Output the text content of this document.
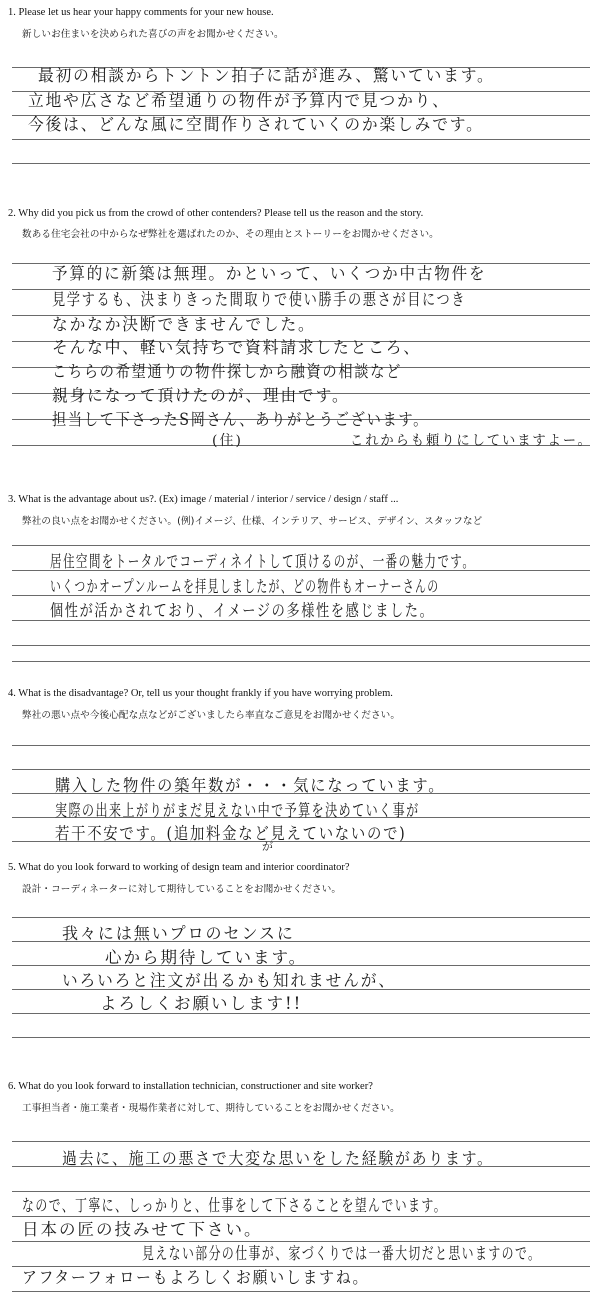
1. Please let us hear your happy comments for your new house.
新しいお住まいを決められた喜びの声をお聞かせください。
最初の相談からトントン拍子に話が進み、驚いています。
立地や広さなど希望通りの物件が予算内で見つかり、
今後は、どんな風に空間作りされていくのか楽しみです。
2. Why did you pick us from the crowd of other contenders? Please tell us the reason and the story.
数ある住宅会社の中からなぜ弊社を選ばれたのか、その理由とストーリーをお聞かせください。
予算的に新築は無理。かといって、いくつか中古物件を
見学するも、決まりきった間取りで使い勝手の悪さが目につき
なかなか決断できませんでした。
そんな中、軽い気持ちで資料請求したところ、
こちらの希望通りの物件探しから融資の相談など
親身になって頂けたのが、理由です。
担当して下さったS岡さん、ありがとうございます。
(住)	これからも頼りにしていますよー。
3. What is the advantage about us?. (Ex) image / material / interior / service / design / staff ...
弊社の良い点をお聞かせください。(例)イメージ、仕様、インテリア、サービス、デザイン、スタッフなど
居住空間をトータルでコーディネイトして頂けるのが、一番の魅力です。
いくつかオープンルームを拝見しましたが、どの物件もオーナーさんの
個性が活かされており、イメージの多様性を感じました。
4. What is the disadvantage? Or, tell us your thought frankly if you have worrying problem.
弊社の悪い点や今後心配な点などがございましたら率直なご意見をお聞かせください。
購入した物件の築年数が・・・気になっています。
実際の出来上がりがまだ見えない中で予算を決めていく事が
若干不安です。(追加料金など見えていないので)
が
5. What do you look forward to working of design team and interior coordinator?
設計・コーディネーターに対して期待していることをお聞かせください。
我々には無いプロのセンスに
心から期待しています。
いろいろと注文が出るかも知れませんが、
よろしくお願いします!!
6. What do you look forward to installation technician, constructioner and site worker?
工事担当者・施工業者・現場作業者に対して、期待していることをお聞かせください。
過去に、施工の悪さで大変な思いをした経験があります。
なので、丁寧に、しっかりと、仕事をして下さることを望んでいます。
日本の匠の技みせて下さい。
見えない部分の仕事が、家づくりでは一番大切だと思いますので。
アフターフォローもよろしくお願いしますね。
